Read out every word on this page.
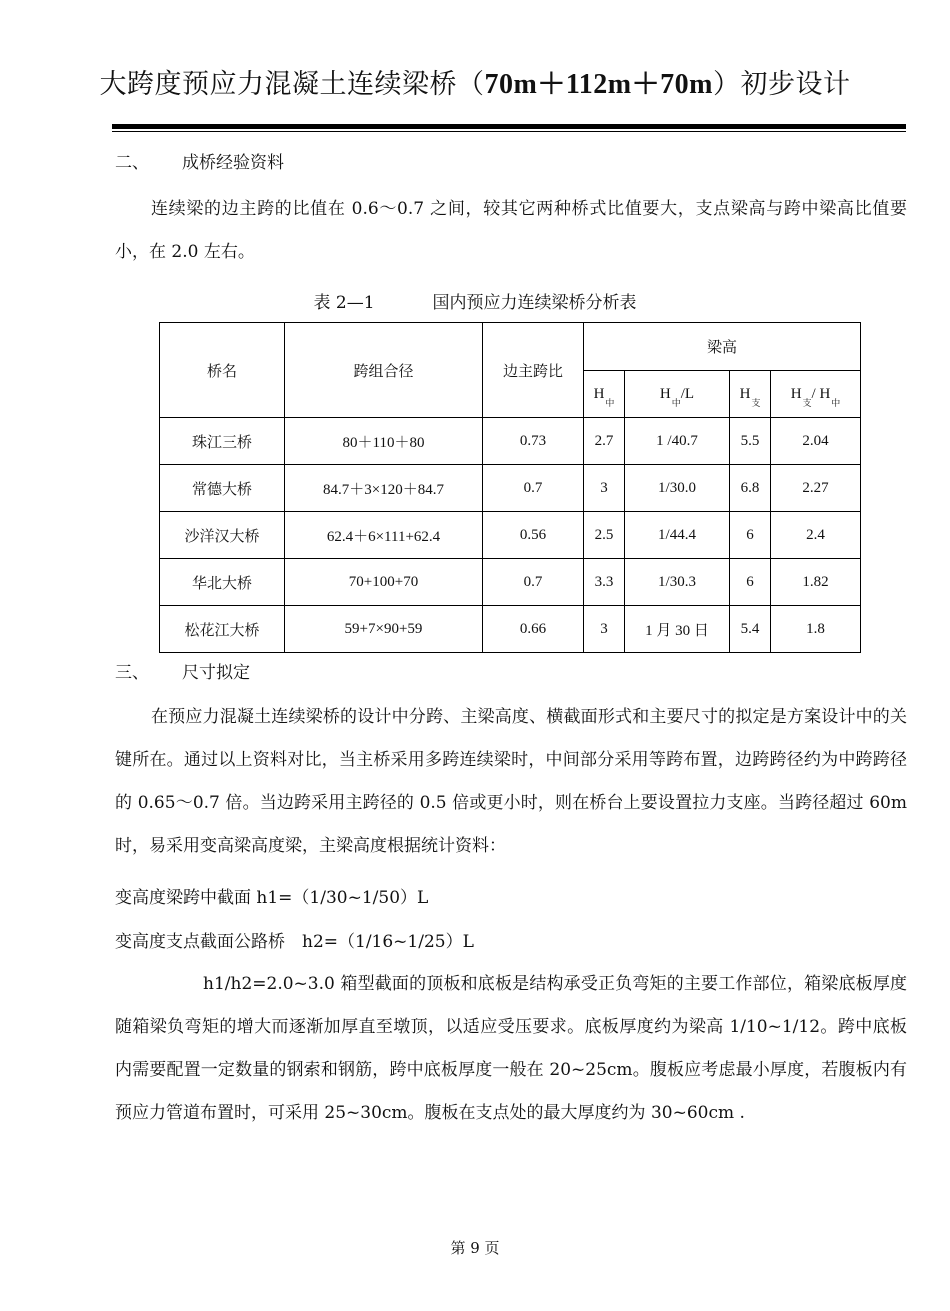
大跨度预应力混凝土连续梁桥（70m＋112m＋70m）初步设计
二、 成桥经验资料
连续梁的边主跨的比值在 0.6～0.7 之间，较其它两种桥式比值要大，支点梁高与跨中梁高比值要小，在 2.0 左右。
表 2—1	国内预应力连续梁桥分析表
桥名	跨组合径	边主跨比	梁高			
			$H_中$	$H_中/L$	$H_支$	$H_支/$ $H_中$
珠江三桥	80＋110＋80	0.73	2.7	1 /40.7	5.5	2.04
常德大桥	84.7＋3×120＋84.7	0.7	3	1/30.0	6.8	2.27
沙洋汉大桥	62.4＋6×111+62.4	0.56	2.5	1/44.4	6	2.4
华北大桥	70+100+70	0.7	3.3	1/30.3	6	1.82
松花江大桥	59+7×90+59	0.66	3	1 月 30 日	5.4	1.8
三、 尺寸拟定
在预应力混凝土连续梁桥的设计中分跨、主梁高度、横截面形式和主要尺寸的拟定是方案设计中的关键所在。通过以上资料对比，当主桥采用多跨连续梁时，中间部分采用等跨布置，边跨跨径约为中跨跨径的 0.65～0.7 倍。当边跨采用主跨径的 0.5 倍或更小时，则在桥台上要设置拉力支座。当跨径超过 60m 时，易采用变高梁高度梁，主梁高度根据统计资料：
变高度梁跨中截面 h1=（1/30~1/50）L
变高度支点截面公路桥　h2=（1/16~1/25）L
h1/h2=2.0~3.0 箱型截面的顶板和底板是结构承受正负弯矩的主要工作部位，箱梁底板厚度随箱梁负弯矩的增大而逐渐加厚直至墩顶，以适应受压要求。底板厚度约为梁高 1/10~1/12。跨中底板内需要配置一定数量的钢索和钢筋，跨中底板厚度一般在 20~25cm。腹板应考虑最小厚度，若腹板内有预应力管道布置时，可采用 25~30cm。腹板在支点处的最大厚度约为 30~60cm .
第 9 页
